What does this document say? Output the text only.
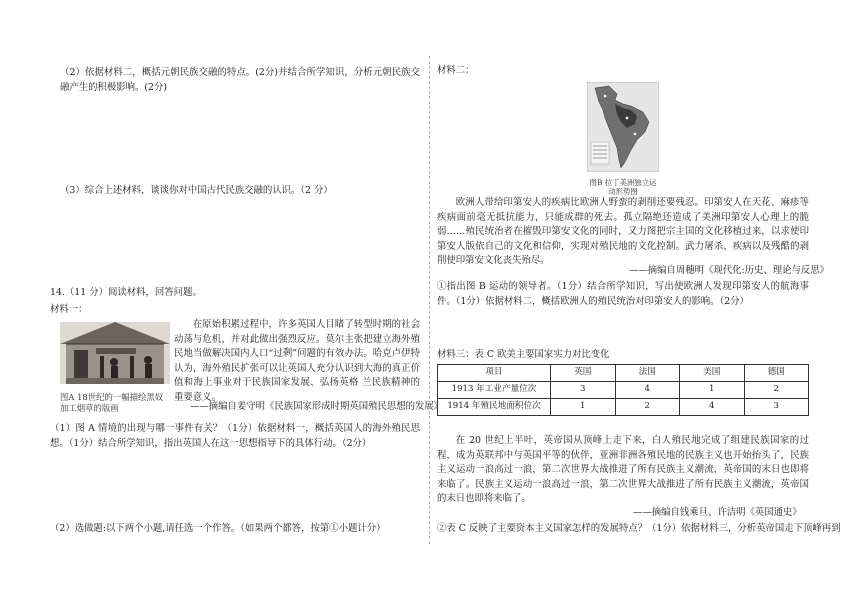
（2）依据材料二，概括元朝民族交融的特点。(2分)并结合所学知识，分析元朝民族交融产生的积极影响。(2分)
（3）综合上述材料，谈谈你对中国古代民族交融的认识。（2 分）
14.（11 分）阅读材料，回答问题。
材料一：
图A 18世纪的一幅描绘黑奴加工烟草的版画
在原始积累过程中，许多英国人目睹了转型时期的社会动荡与危机，并对此做出强烈反应。莫尔主张把建立海外殖民地当做解决国内人口“过剩”问题的有效办法。哈克卢伊特认为，海外殖民扩张可以让英国人充分认识到大海的真正价值和海上事业对于民族国家发展、弘扬英格 兰民族精神的重要意义。
——摘编自姜守明《民族国家形成时期英国殖民思想的发展》
（1）图 A 情境的出现与哪一事件有关？（1分）依据材料一，概括英国人的海外殖民思想。（1分）结合所学知识，指出英国人在这一思想指导下的具体行动。（2分）
（2）选做题:以下两个小题,请任选一个作答。（如果两个都答，按第①小题计分）
材料二：
图B 拉丁美洲独立运动形势图
欧洲人带给印第安人的疾病比欧洲人野蛮的剥削还要残忍。印第安人在天花、麻疹等疾病面前毫无抵抗能力，只能成群的死去。孤立隔绝还造成了美洲印第安人心理上的脆弱……殖民统治者在摧毁印第安文化的同时，又力图把宗主国的文化移植过来，以求使印第安人版依自己的文化和信仰，实现对殖民地的文化控制。武力屠杀、疾病以及残酷的剥削使印第安文化丧失殆尽。
——摘编自周穗明《现代化:历史、理论与反思》
①指出图 B 运动的领导者。（1分）结合所学知识，写出使欧洲人发现印第安人的航海事件。（1分）依据材料二，概括欧洲人的殖民统治对印第安人的影响。（2分）
材料三：表 C 欧美主要国家实力对比变化
项目	英国	法国	美国	德国
1913 年工业产量位次	3	4	1	2
1914 年殖民地面积位次	1	2	4	3
在 20 世纪上半叶，英帝国从顶峰上走下来，白人殖民地完成了组建民族国家的过程，成为英联邦中与英国平等的伙伴，亚洲非洲各殖民地的民族主义也开始抬头了，民族主义运动一浪高过一浪，第二次世界大战推进了所有民族主义潮流，英帝国的末日也即将来临了。民族主义运动一浪高过一浪，第二次世界大战推进了所有民族主义潮流，英帝国的末日也即将来临了。
——摘编自钱乘旦、许洁明《英国通史》
②表 C 反映了主要资本主义国家怎样的发展特点？（1分）依据材料三，分析英帝国走下顶峰再到
